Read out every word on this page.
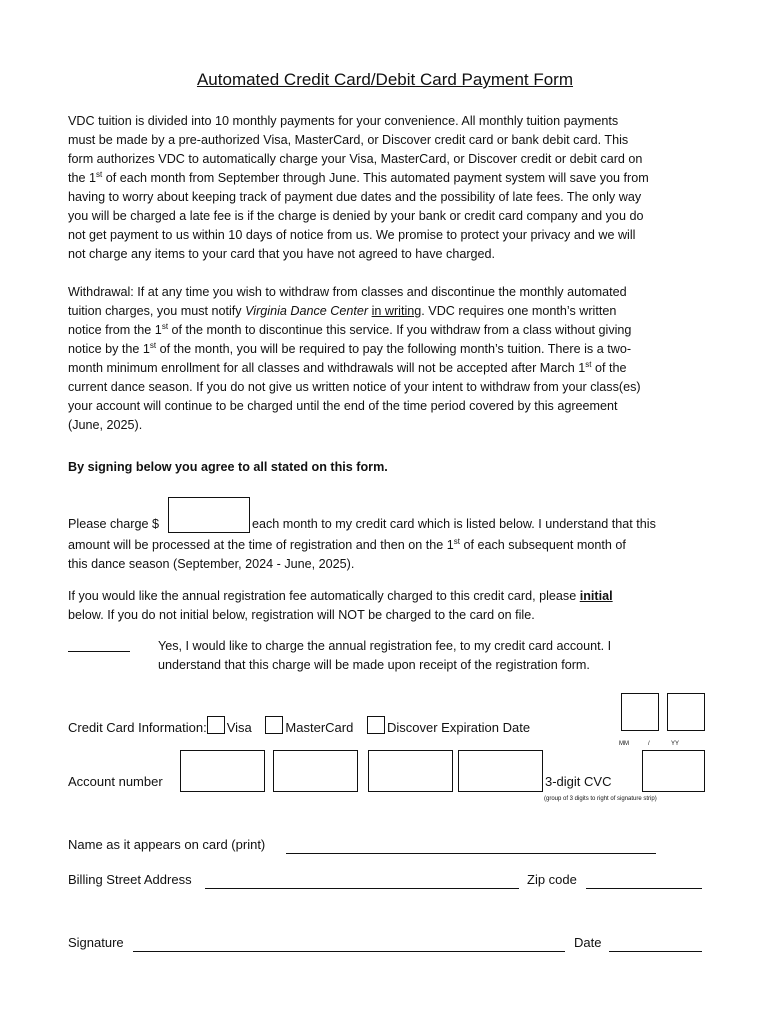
Automated Credit Card/Debit Card Payment Form

VDC tuition is divided into 10 monthly payments for your convenience. All monthly tuition payments

must be made by a pre-authorized Visa, MasterCard, or Discover credit card or bank debit card. This

form authorizes VDC to automatically charge your Visa, MasterCard, or Discover credit or debit card on

the 1st of each month from September through June. This automated payment system will save you from

having to worry about keeping track of payment due dates and the possibility of late fees. The only way

you will be charged a late fee is if the charge is denied by your bank or credit card company and you do

not get payment to us within 10 days of notice from us. We promise to protect your privacy and we will

not charge any items to your card that you have not agreed to have charged.

Withdrawal: If at any time you wish to withdraw from classes and discontinue the monthly automated

tuition charges, you must notify Virginia Dance Center in writing. VDC requires one month’s written

notice from the 1st of the month to discontinue this service. If you withdraw from a class without giving

notice by the 1st of the month, you will be required to pay the following month’s tuition. There is a two-

month minimum enrollment for all classes and withdrawals will not be accepted after March 1st of the

current dance season. If you do not give us written notice of your intent to withdraw from your class(es)

your account will continue to be charged until the end of the time period covered by this agreement

(June, 2025).

By signing below you agree to all stated on this form.
Please charge $	each month to my credit card which is listed below. I understand that this

amount will be processed at the time of registration and then on the 1st of each subsequent month of

this dance season (September, 2024 - June, 2025).

If you would like the annual registration fee automatically charged to this credit card, please initial

below. If you do not initial below, registration will NOT be charged to the card on file.

Yes, I would like to charge the annual registration fee, to my credit card account. I
understand that this charge will be made upon receipt of the registration form.
Credit Card Information: Visa	MasterCard	Discover Expiration Date
MM	/	YY
Account number	3-digit CVC
(group of 3 digits to right of signature strip)
Name as it appears on card (print)
Billing Street Address	Zip code
Signature	Date
